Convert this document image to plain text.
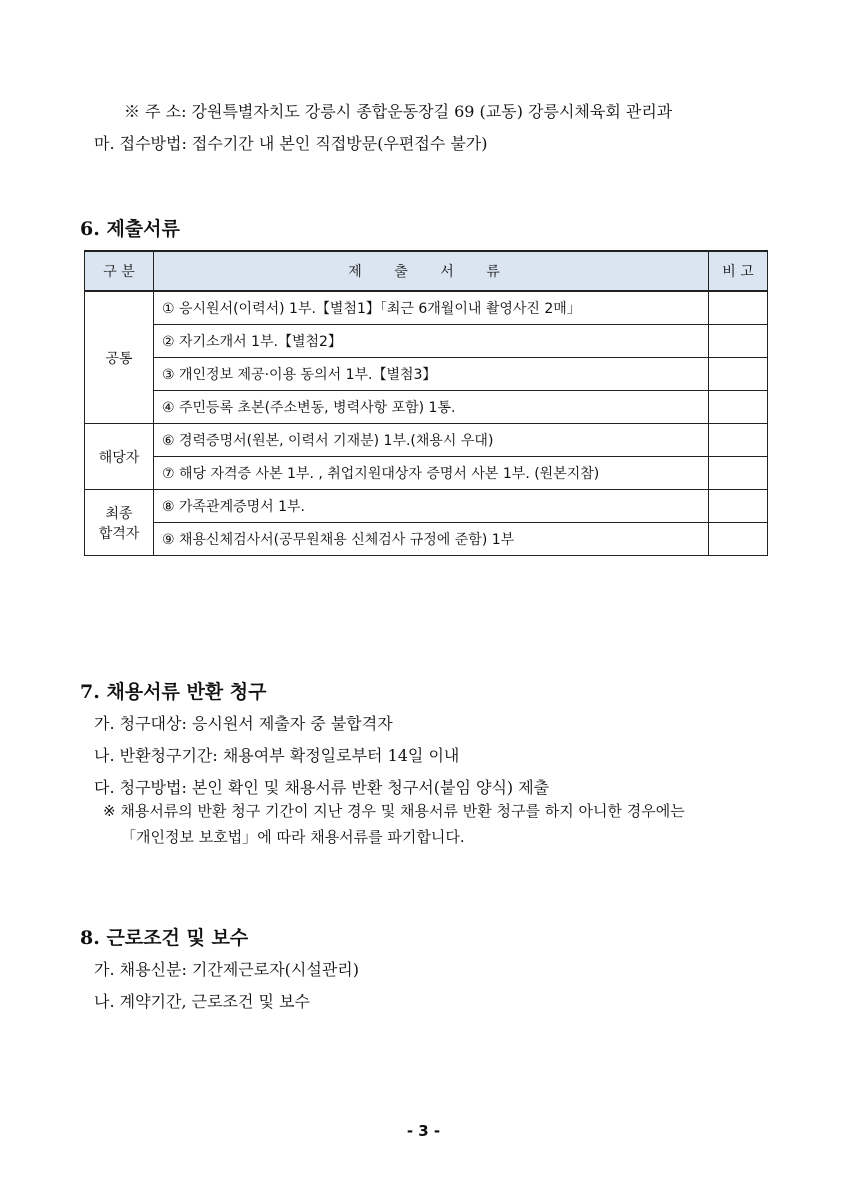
※ 주 소: 강원특별자치도 강릉시 종합운동장길 69 (교동) 강릉시체육회 관리과
마. 접수방법: 접수기간 내 본인 직접방문(우편접수 불가)
6. 제출서류
구 분	제 출 서 류	비 고
공통	① 응시원서(이력서) 1부.【별첨1】「최근 6개월이내 촬영사진 2매」	
	② 자기소개서 1부.【별첨2】	
	③ 개인정보 제공·이용 동의서 1부.【별첨3】	
	④ 주민등록 초본(주소변동, 병력사항 포함) 1통.	
해당자	⑥ 경력증명서(원본, 이력서 기재분) 1부.(채용시 우대)	
	⑦ 해당 자격증 사본 1부. , 취업지원대상자 증명서 사본 1부. (원본지참)	

최종
합격자	⑧ 가족관계증명서 1부.	
	⑨ 채용신체검사서(공무원채용 신체검사 규정에 준함) 1부	
7. 채용서류 반환 청구
가. 청구대상: 응시원서 제출자 중 불합격자
나. 반환청구기간: 채용여부 확정일로부터 14일 이내
다. 청구방법: 본인 확인 및 채용서류 반환 청구서(붙임 양식) 제출
※ 채용서류의 반환 청구 기간이 지난 경우 및 채용서류 반환 청구를 하지 아니한 경우에는
「개인정보 보호법」에 따라 채용서류를 파기합니다.
8. 근로조건 및 보수
가. 채용신분: 기간제근로자(시설관리)
나. 계약기간, 근로조건 및 보수
- 3 -
